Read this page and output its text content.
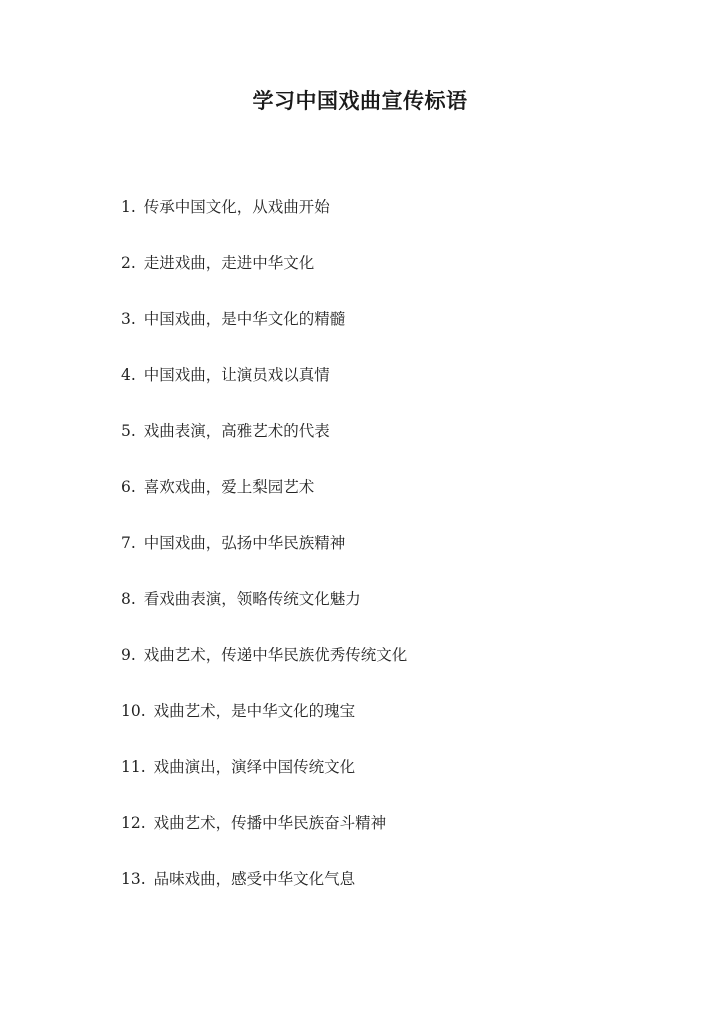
学习中国戏曲宣传标语
1. 传承中国文化，从戏曲开始
2. 走进戏曲，走进中华文化
3. 中国戏曲，是中华文化的精髓
4. 中国戏曲，让演员戏以真情
5. 戏曲表演，高雅艺术的代表
6. 喜欢戏曲，爱上梨园艺术
7. 中国戏曲，弘扬中华民族精神
8. 看戏曲表演，领略传统文化魅力
9. 戏曲艺术，传递中华民族优秀传统文化
10. 戏曲艺术，是中华文化的瑰宝
11. 戏曲演出，演绎中国传统文化
12. 戏曲艺术，传播中华民族奋斗精神
13. 品味戏曲，感受中华文化气息
